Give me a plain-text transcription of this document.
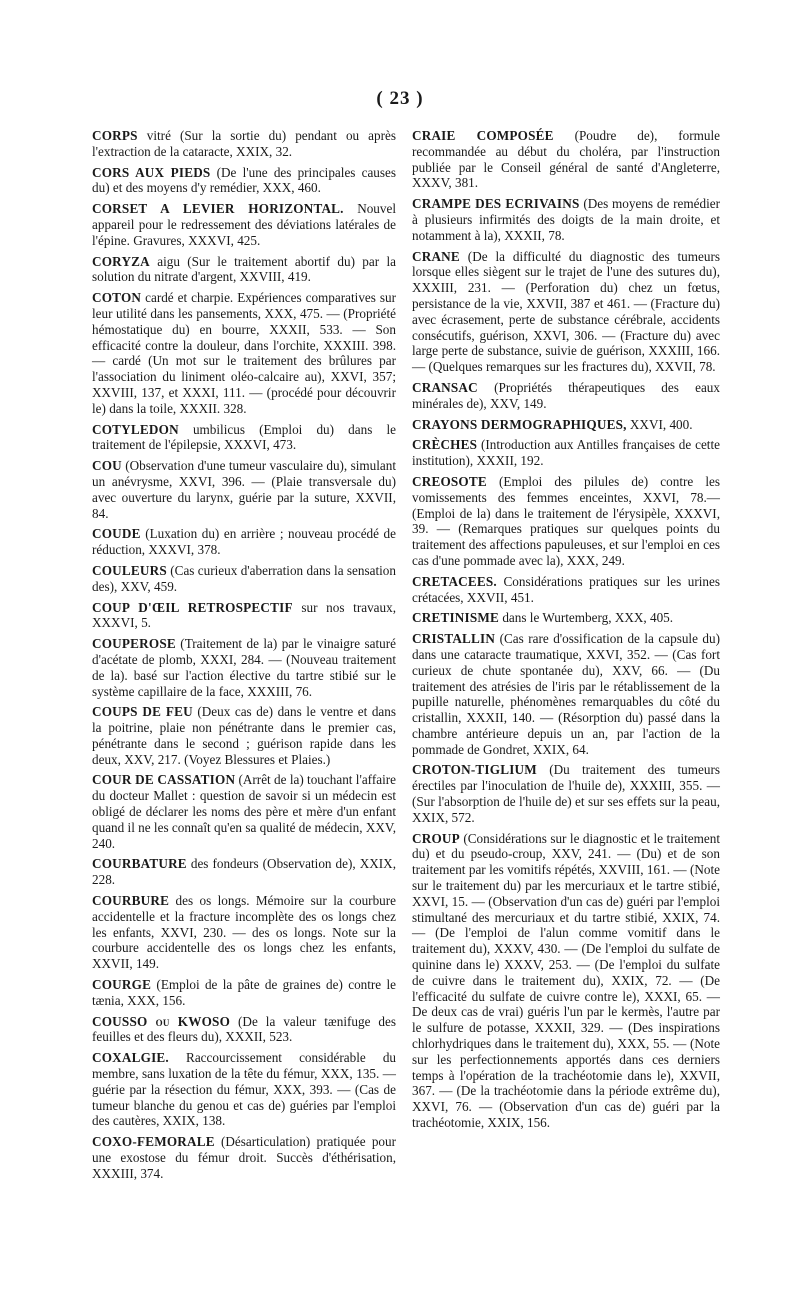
( 23 )

CORPS vitré (Sur la sortie du) pendant ou après l'extraction de la cataracte, XXIX, 32.

CORS AUX PIEDS (De l'une des principales causes du) et des moyens d'y remédier, XXX, 460.

CORSET A LEVIER HORIZONTAL. Nouvel appareil pour le redressement des déviations latérales de l'épine. Gravures, XXXVI, 425.

CORYZA aigu (Sur le traitement abortif du) par la solution du nitrate d'argent, XXVIII, 419.

COTON cardé et charpie. Expériences comparatives sur leur utilité dans les pansements, XXX, 475. — (Propriété hémostatique du) en bourre, XXXII, 533. — Son efficacité contre la douleur, dans l'orchite, XXXIII. 398. — cardé (Un mot sur le traitement des brûlures par l'association du liniment oléo-calcaire au), XXVI, 357; XXVIII, 137, et XXXI, 111. — (procédé pour découvrir le) dans la toile, XXXII. 328.

COTYLEDON umbilicus (Emploi du) dans le traitement de l'épilepsie, XXXVI, 473.

COU (Observation d'une tumeur vasculaire du), simulant un anévrysme, XXVI, 396. — (Plaie transversale du) avec ouverture du larynx, guérie par la suture, XXVII, 84.

COUDE (Luxation du) en arrière ; nouveau procédé de réduction, XXXVI, 378.

COULEURS (Cas curieux d'aberration dans la sensation des), XXV, 459.

COUP D'ŒIL RETROSPECTIF sur nos travaux, XXXVI, 5.

COUPEROSE (Traitement de la) par le vinaigre saturé d'acétate de plomb, XXXI, 284. — (Nouveau traitement de la). basé sur l'action élective du tartre stibié sur le système capillaire de la face, XXXIII, 76.

COUPS DE FEU (Deux cas de) dans le ventre et dans la poitrine, plaie non pénétrante dans le premier cas, pénétrante dans le second ; guérison rapide dans les deux, XXV, 217. (Voyez Blessures et Plaies.)

COUR DE CASSATION (Arrêt de la) touchant l'affaire du docteur Mallet : question de savoir si un médecin est obligé de déclarer les noms des père et mère d'un enfant quand il ne les connaît qu'en sa qualité de médecin, XXV, 240.

COURBATURE des fondeurs (Observation de), XXIX, 228.

COURBURE des os longs. Mémoire sur la courbure accidentelle et la fracture incomplète des os longs chez les enfants, XXVI, 230. — des os longs. Note sur la courbure accidentelle des os longs chez les enfants, XXVII, 149.

COURGE (Emploi de la pâte de graines de) contre le tænia, XXX, 156.

COUSSO ou KWOSO (De la valeur tænifuge des feuilles et des fleurs du), XXXII, 523.

COXALGIE. Raccourcissement considérable du membre, sans luxation de la tête du fémur, XXX, 135. — guérie par la résection du fémur, XXX, 393. — (Cas de tumeur blanche du genou et cas de) guéries par l'emploi des cautères, XXIX, 138.

COXO-FEMORALE (Désarticulation) pratiquée pour une exostose du fémur droit. Succès d'éthérisation, XXXIII, 374.

CRAIE COMPOSÉE (Poudre de), formule recommandée au début du choléra, par l'instruction publiée par le Conseil général de santé d'Angleterre, XXXV, 381.

CRAMPE DES ECRIVAINS (Des moyens de remédier à plusieurs infirmités des doigts de la main droite, et notamment à la), XXXII, 78.

CRANE (De la difficulté du diagnostic des tumeurs lorsque elles siègent sur le trajet de l'une des sutures du), XXXIII, 231. — (Perforation du) chez un fœtus, persistance de la vie, XXVII, 387 et 461. — (Fracture du) avec écrasement, perte de substance cérébrale, accidents consécutifs, guérison, XXVI, 306. — (Fracture du) avec large perte de substance, suivie de guérison, XXXIII, 166. — (Quelques remarques sur les fractures du), XXVII, 78.

CRANSAC (Propriétés thérapeutiques des eaux minérales de), XXV, 149.

CRAYONS DERMOGRAPHIQUES, XXVI, 400.

CRÈCHES (Introduction aux Antilles françaises de cette institution), XXXII, 192.

CREOSOTE (Emploi des pilules de) contre les vomissements des femmes enceintes, XXVI, 78.— (Emploi de la) dans le traitement de l'érysipèle, XXXVI, 39. — (Remarques pratiques sur quelques points du traitement des affections papuleuses, et sur l'emploi en ces cas d'une pommade avec la), XXX, 249.

CRETACEES. Considérations pratiques sur les urines crétacées, XXVII, 451.

CRETINISME dans le Wurtemberg, XXX, 405.

CRISTALLIN (Cas rare d'ossification de la capsule du) dans une cataracte traumatique, XXVI, 352. — (Cas fort curieux de chute spontanée du), XXV, 66. — (Du traitement des atrésies de l'iris par le rétablissement de la pupille naturelle, phénomènes remarquables du côté du cristallin, XXXII, 140. — (Résorption du) passé dans la chambre antérieure depuis un an, par l'action de la pommade de Gondret, XXIX, 64.

CROTON-TIGLIUM (Du traitement des tumeurs érectiles par l'inoculation de l'huile de), XXXIII, 355. — (Sur l'absorption de l'huile de) et sur ses effets sur la peau, XXIX, 572.

CROUP (Considérations sur le diagnostic et le traitement du) et du pseudo-croup, XXV, 241. — (Du) et de son traitement par les vomitifs répétés, XXVIII, 161. — (Note sur le traitement du) par les mercuriaux et le tartre stibié, XXVI, 15. — (Observation d'un cas de) guéri par l'emploi stimultané des mercuriaux et du tartre stibié, XXIX, 74. — (De l'emploi de l'alun comme vomitif dans le traitement du), XXXV, 430. — (De l'emploi du sulfate de quinine dans le) XXXV, 253. — (De l'emploi du sulfate de cuivre dans le traitement du), XXIX, 72. — (De l'efficacité du sulfate de cuivre contre le), XXXI, 65. — De deux cas de vrai) guéris l'un par le kermès, l'autre par le sulfure de potasse, XXXII, 329. — (Des inspirations chlorhydriques dans le traitement du), XXX, 55. — (Note sur les perfectionnements apportés dans ces derniers temps à l'opération de la trachéotomie dans le), XXVII, 367. — (De la trachéotomie dans la période extrême du), XXVI, 76. — (Observation d'un cas de) guéri par la trachéotomie, XXIX, 156.
